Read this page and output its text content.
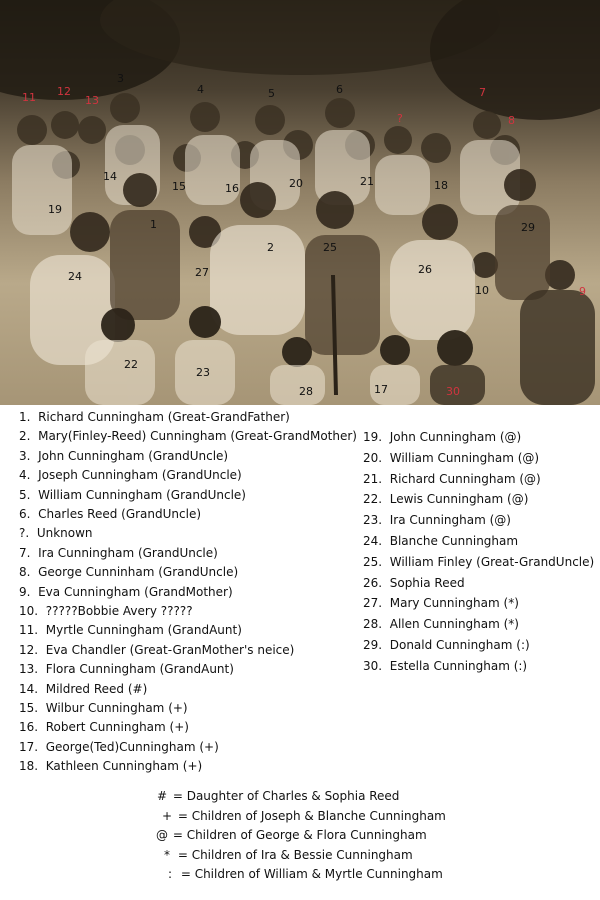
11 12
13
3
4	5	6
?
7
8
14
15	16	20	21	18
19
1
2	25
29
24	27	26
10	9
22
23
28	17	30
1. Richard Cunningham (Great-GrandFather)
2. Mary(Finley-Reed) Cunningham (Great-GrandMother)
3. John Cunningham (GrandUncle)
4. Joseph Cunningham (GrandUncle)
5. William Cunningham (GrandUncle)
6. Charles Reed (GrandUncle)
?. Unknown
7. Ira Cunningham (GrandUncle)
8. George Cunninham (GrandUncle)
9. Eva Cunningham (GrandMother)
10. ?????Bobbie Avery ?????
11. Myrtle Cunningham (GrandAunt)
12. Eva Chandler (Great-GranMother's neice)
13. Flora Cunningham (GrandAunt)
14. Mildred Reed (#)
15. Wilbur Cunningham (+)
16. Robert Cunningham (+)
17. George(Ted)Cunningham (+)
18. Kathleen Cunningham (+)
19. John Cunningham (@)
20. William Cunningham (@)
21. Richard Cunningham (@)
22. Lewis Cunningham (@)
23. Ira Cunningham (@)
24. Blanche Cunningham
25. William Finley (Great-GrandUncle)
26. Sophia Reed
27. Mary Cunningham (*)
28. Allen Cunningham (*)
29. Donald Cunningham (:)
30. Estella Cunningham (:)
# = Daughter of Charles & Sophia Reed
+ = Children of Joseph & Blanche Cunningham
@ = Children of George & Flora Cunningham
* = Children of Ira & Bessie Cunningham
: = Children of William & Myrtle Cunningham
